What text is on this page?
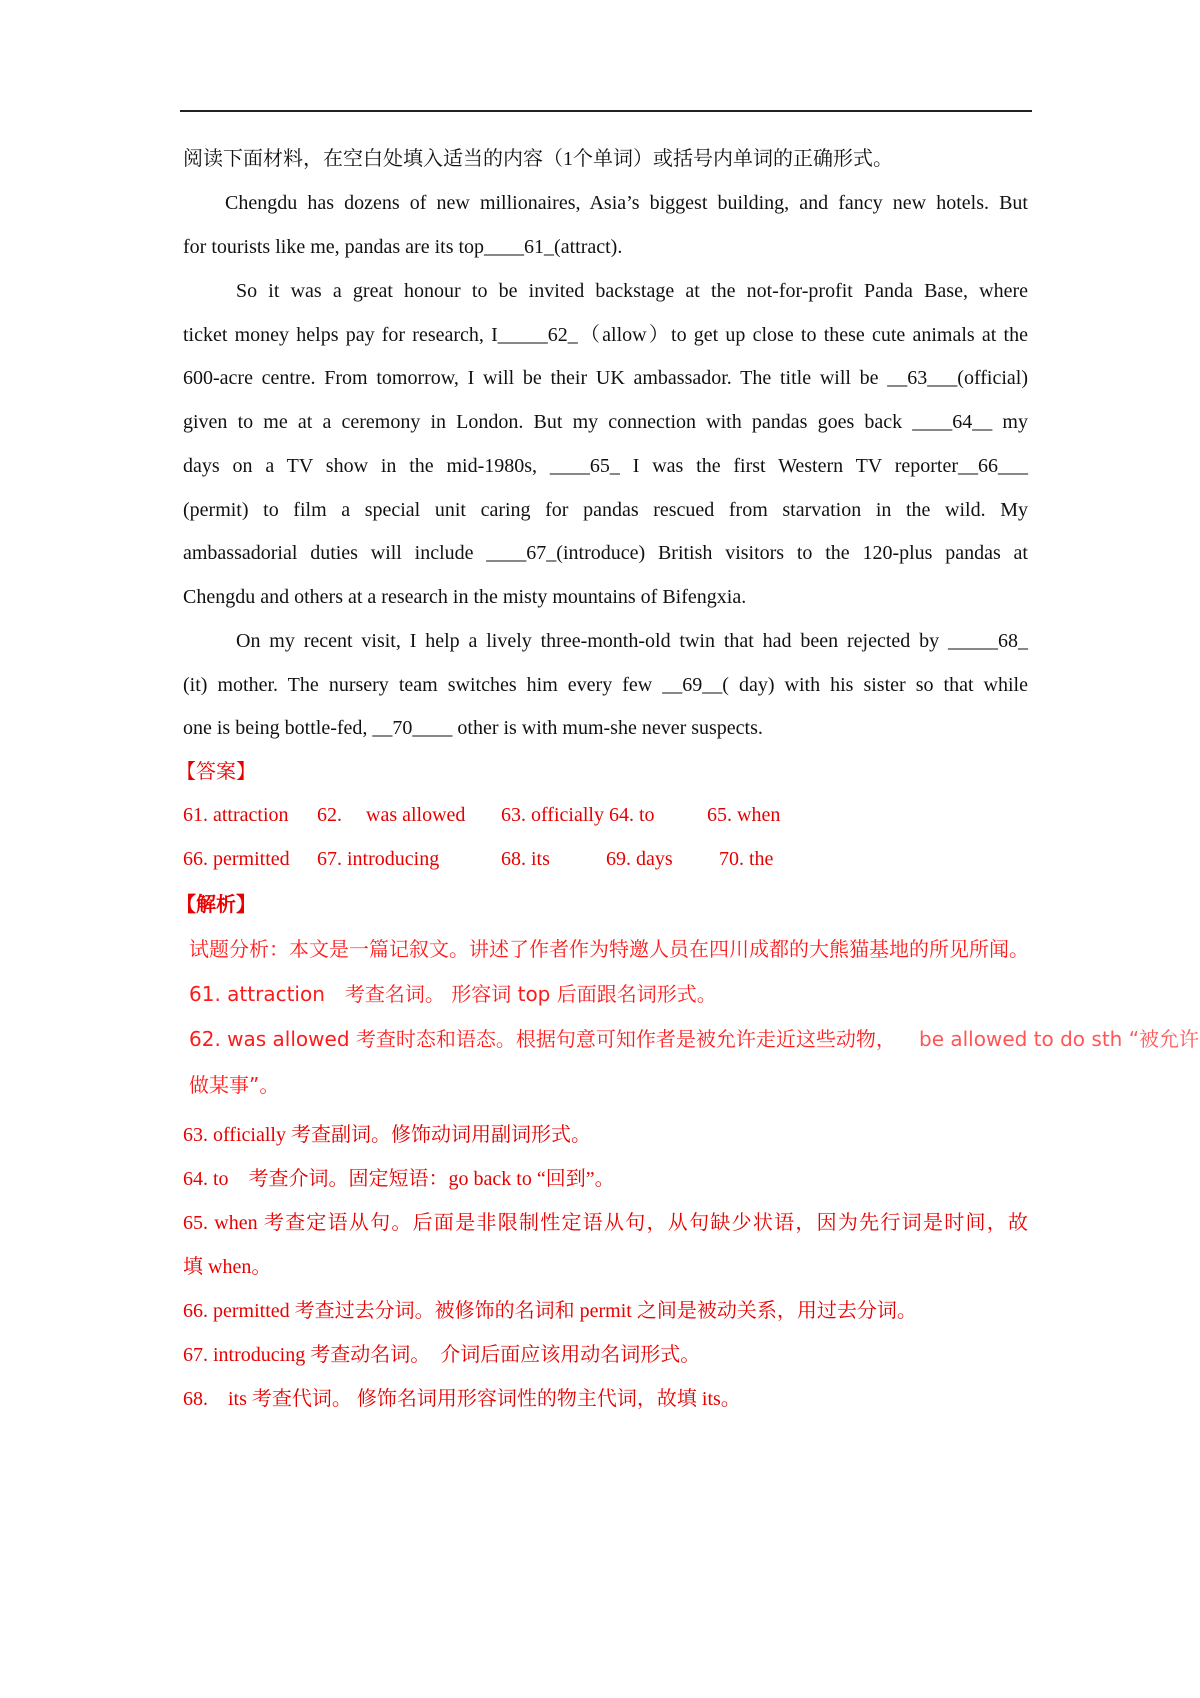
阅读下面材料，在空白处填入适当的内容（1个单词）或括号内单词的正确形式。
Chengdu has dozens of new millionaires, Asia’s biggest building, and fancy new hotels. But
for tourists like me, pandas are its top____61_(attract).
So it was a great honour to be invited backstage at the not-for-profit Panda Base, where
ticket money helps pay for research, I_____62_（allow）to get up close to these cute animals at the
600-acre centre. From tomorrow, I will be their UK ambassador. The title will be __63___(official)
given to me at a ceremony in London. But my connection with pandas goes back ____64__ my
days on a TV show in the mid-1980s, ____65_ I was the first Western TV reporter__66___
(permit) to film a special unit caring for pandas rescued from starvation in the wild. My
ambassadorial duties will include ____67_(introduce) British visitors to the 120-plus pandas at
Chengdu and others at a research in the misty mountains of Bifengxia.
On my recent visit, I help a lively three-month-old twin that had been rejected by _____68_
(it) mother. The nursery team switches him every few __69__( day) with his sister so that while
one is being bottle-fed, __70____ other is with mum-she never suspects.
【答案】
61. attraction 62. was allowed 63. officially 64. to	65. when
66. permitted 67. introducing	68. its	69. days 70. the
【解析】
试题分析：本文是一篇记叙文。讲述了作者作为特邀人员在四川成都的大熊猫基地的所见所闻。
61. attraction　考查名词。 形容词 top 后面跟名词形式。
62. was allowed 考查时态和语态。根据句意可知作者是被允许走近这些动物， be allowed to do sth “被允许
做某事”。
63. officially 考查副词。修饰动词用副词形式。
64. to　考查介词。固定短语：go back to “回到”。
65. when 考查定语从句。后面是非限制性定语从句，从句缺少状语，因为先行词是时间，故
填 when。
66. permitted 考查过去分词。被修饰的名词和 permit 之间是被动关系，用过去分词。
67. introducing 考查动名词。　介词后面应该用动名词形式。
68.　its 考查代词。 修饰名词用形容词性的物主代词，故填 its。
